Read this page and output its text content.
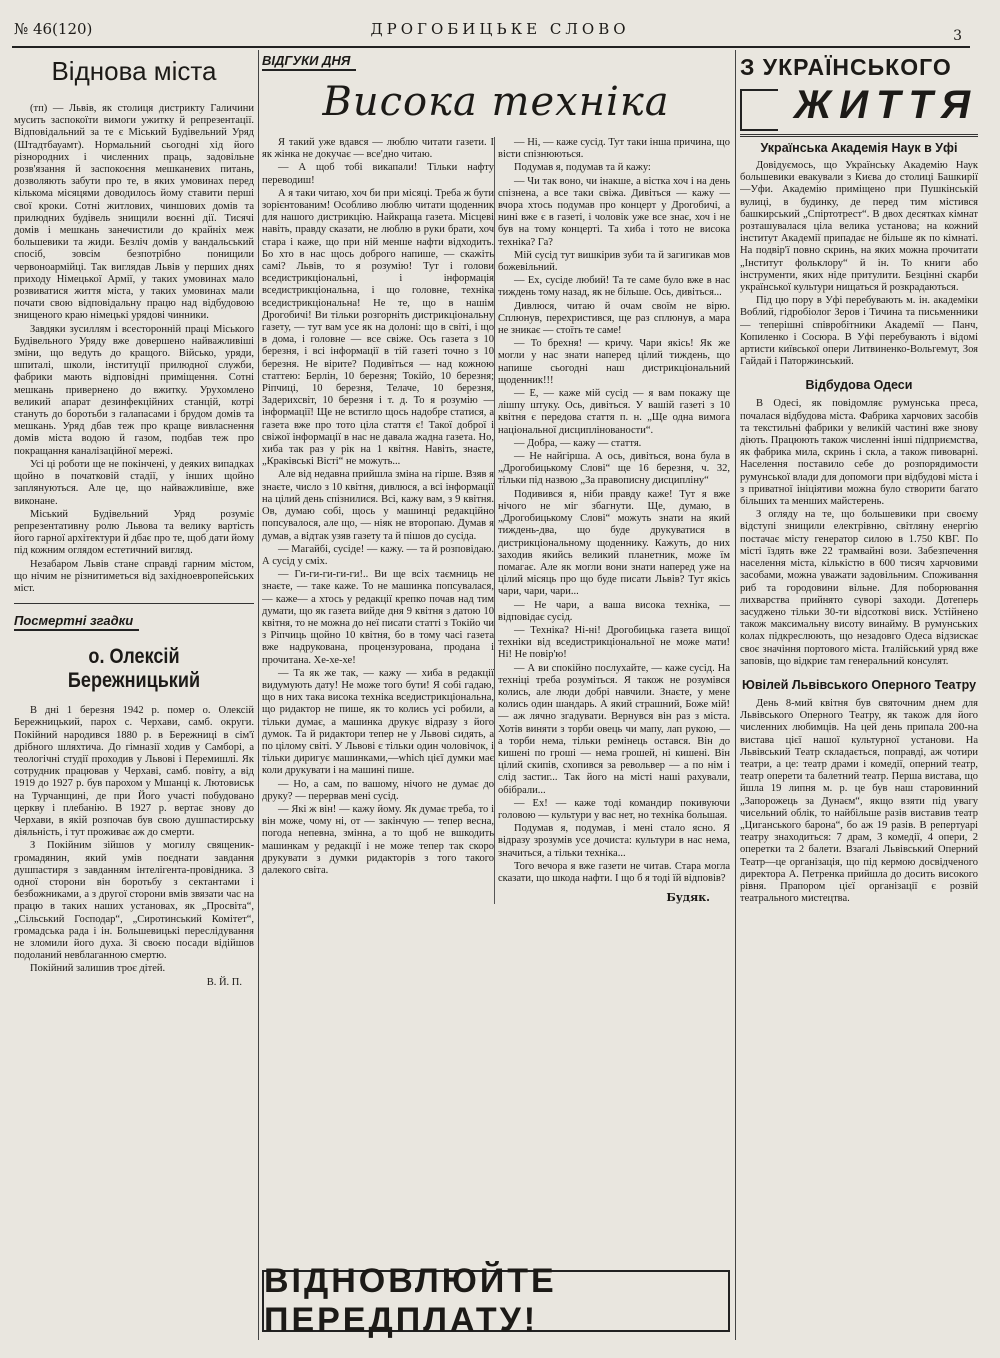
№ 46(120)	ДРОГОБИЦЬКЕ СЛОВО	3
Віднова міста

(тп) — Львів, як столиця дистрикту Галичини мусить заспокоїти вимоги ужитку й репрезентації. Відповідальний за те є Міський Будівельний Уряд (Штадтбауамт). Нормальний сьогодні хід його різнородних і численних праць, задовільне розв'язання й заспокоєння мешканевих питань, дозволяють забути про те, в яких умовинах перед кількома місяцями доводилось йому ставити перші свої кроки. Сотні житлових, чиншових домів та прилюдних будівель знищили воєнні дії. Тисячі домів і мешкань занечистили до крайніх меж большевики та жиди. Безліч домів у вандальський спосіб, зовсім безпотрібно понищили червоноармійці. Так виглядав Львів у перших днях приходу Німецької Армії, у таких умовинах мало розвиватися життя міста, у таких умовинах мали почати свою відповідальну працю над відбудовою знищеного краю німецькі урядові чинники.

Завдяки зусиллям і всесторонній праці Міського Будівельного Уряду вже довершено найважливіші зміни, що ведуть до кращого. Військо, уряди, шпиталі, школи, інституції прилюдної служби, фабрики мають відповідні приміщення. Сотні мешкань привернено до вжитку. Урухомлено великий апарат дезинфекційних станцій, котрі стануть до боротьби з галапасами і брудом домів та мешкань. Уряд дбав теж про краще вивласнення домів міста водою й газом, подбав теж про покращання каналізаційної мережі.

Усі ці роботи ще не покінчені, у деяких випадках щойно в початковій стадії, у інших щойно заплянуються. Але це, що найважливіше, вже виконане.

Міський Будівельний Уряд розуміє репрезентативну ролю Львова та велику вартість його гарної архітектури й дбає про те, щоб дати йому під кожним оглядом естетичний вигляд.

Незабаром Львів стане справді гарним містом, що нічим не різнитиметься від західноевропейських міст.

Посмертні згадки
о. Олексій Бережницький

В дні 1 березня 1942 р. помер о. Олексій Бережницький, парох с. Черхави, самб. округи. Покійний народився 1880 р. в Бережниці в сім'ї дрібного шляхтича. До гімназії ходив у Самборі, а теологічні студії проходив у Львові і Перемишлі. Як сотрудник працював у Черхаві, самб. повіту, а від 1919 до 1927 р. був парохом у Мшанці к. Лютовиськ на Турчанщині, де при Його участі побудовано церкву і плебанію. В 1927 р. вертає знову до Черхави, в якій розпочав був свою душпастирську діяльність, і тут проживає аж до смерти.

З Покійним зійшов у могилу священик-громадянин, який умів поєднати завдання душпастиря з завданням інтелігента-провідника. З одної сторони він боротьбу з сектантами і безбожниками, а з другої сторони вмів звязати час на працю в таких наших установах, як „Просвіта“, „Сільський Господар“, „Сиротинський Комітет“, громадська рада і ін. Большевицькі переслідування не зломили його духа. Зі своєю посади відійшов подоланий невблаганною смертю.

Покійний залишив троє дітей.

В. Й. П.
ВІДГУКИ ДНЯ
Висока техніка

Я такий уже вдався — люблю читати газети. І як жінка не докучає — все'дно читаю.

— А щоб тобі викапали! Тільки нафту переводиш!

А я таки читаю, хоч би при місяці. Треба ж бути зорієнтованим! Особливо люблю читати щоденник для нашого дистрикцію. Найкраща газета. Місцеві навіть, правду сказати, не люблю в руки брати, хоч стара і каже, що при ній менше нафти відходить. Бо хто в нас щось доброго напише, — скажіть самі? Львів, то я розумію! Тут і голови вседистрикціональні, і інформація вседистрикціональна, і що головне, техніка вседистрикціональна! Не те, що в нашім Дрогобичі! Ви тільки розгорніть дистрикціональну газету, — тут вам усе як на долоні: що в світі, і що в дома, і головне — все свіже. Ось газета з 10 березня, і всі інформації в тій газеті точно з 10 березня. Не вірите? Подивіться — над кожною статтею: Берлін, 10 березня; Токійо, 10 березня; Ріпчиці, 10 березня, Телаче, 10 березня, Задерихсвіт, 10 березня і т. д. То я розумію — інформації! Ще не встигло щось надобре статися, а газета вже про тото ціла стаття є! Такої доброї і свіжої інформації в нас не давала жадна газета. Но, хиба так раз у рік на 1 квітня. Навіть, знаєте, „Краківські Вісті“ не можуть...

Але від недавна прийшла зміна на гірше. Взяв я знаєте, число з 10 квітня, дивлюся, а всі інформації на цілий день спізнилися. Всі, кажу вам, з 9 квітня. Ов, думаю собі, щось у машинці редакційно попсувалося, але що, — ніяк не второпаю. Думав я думав, а відтак узяв газету та й пішов до сусіда.

— Магайбі, сусіде! — кажу. — та й розповідаю. А сусід у сміх.

— Ги-ги-ги-ги-ги!.. Ви ще всіх таємниць не знаєте, — таке каже. То не машинка попсувалася, — каже— а хтось у редакції крепко почав над тим думати, що як газета вийде дня 9 квітня з датою 10 квітня, то не можна до неї писати статті з Токійо чи з Ріпчиць щойно 10 квітня, бо в тому часі газета вже надрукована, процензурована, продана і прочитана. Хе-хе-хе!

— Та як же так, — кажу — хиба в редакції видумують дату! Не може того бути! Я собі гадаю, що в них така висока техніка вседистрикціональна, що ридактор не пише, як то колись усі робили, а тільки думає, а машинка друкує відразу з його думок. Та й ридактори тепер не у Львові сидять, а по цілому світі. У Львові є тільки один чоловічок, і тільки диригує машинками,—which цієї думки має коли друкувати і на машині пише.

— Но, а сам, по вашому, нічого не думає до друку? — перервав мені сусід.

— Які ж він! — кажу йому. Як думає треба, то і він може, чому ні, от — закінчую — тепер весна, погода непевна, змінна, а то щоб не вшкодить машинкам у редакції і не може тепер так скоро друкувати з думки ридакторів з того такого далекого світа.

— Ні, — каже сусід. Тут таки інша причина, що вісти спізнюються.

Подумав я, подумав та й кажу:

— Чи так воно, чи інакше, а вістка хоч і на день спізнена, а все таки свіжа. Дивіться — кажу — вчора хтось подумав про концерт у Дрогобичі, а нині вже є в газеті, і чоловік уже все знає, хоч і не був на тому концерті. Та хиба і тото не висока техніка? Га?

Мій сусід тут вишкірив зуби та й загигикав мов божевільний.

— Ех, сусіде любий! Та те саме було вже в нас тиждень тому назад, як не більше. Ось, дивіться...

Дивлюся, читаю й очам своїм не вірю. Сплюнув, перехристився, ще раз сплюнув, а мара не зникає — стоїть те саме!

— То брехня! — кричу. Чари якісь! Як же могли у нас знати наперед цілий тиждень, що напише сьогодні наш дистрикціональний щоденник!!!

— Е, — каже мій сусід — я вам покажу ще лішпу штуку. Ось, дивіться. У вашій газеті з 10 квітня є передова стаття п. н. „Ще одна вимога національної дисциплінованости“.

— Добра, — кажу — стаття.

— Не найгірша. А ось, дивіться, вона була в „Дрогобицькому Слові“ ще 16 березня, ч. 32, тільки під назвою „За правописну дисципліну“

Подивився я, ніби правду каже! Тут я вже нічого не міг збагнути. Ще, думаю, в „Дрогобицькому Слові“ можуть знати на який тиждень-два, що буде друкуватися в дистрикціональному щоденнику. Кажуть, до них заходив якийсь великий планетник, може їм помагає. Але як могли вони знати наперед уже на цілий місяць про що буде писати Львів? Тут якісь чари, чари, чари...

— Не чари, а ваша висока техніка, — відповідає сусід.

— Техніка? Ні-ні! Дрогобицька газета вищої техніки від вседистрикціональної не може мати! Ні! Не повір'ю!

— А ви спокійно послухайте, — каже сусід. На техніці треба розуміться. Я також не розумівся колись, але люди добрі навчили. Знаєте, у мене колись один шандарь. А який страшний, Боже мій! — аж лячно згадувати. Вернувся він раз з міста. Хотів виняти з торби овець чи мапу, лап рукою, — а торби нема, тільки ремінець остався. Він до кишені по гроші — нема грошей, ні кишені. Він цілий скипів, схопився за револьвер — а по нім і слід застиг... Так його на місті наші рахували, обібрали...

— Ех! — каже тоді командир покивуючи головою — культури у вас нет, но техніка большая.

Подумав я, подумав, і мені стало ясно. Я відразу зрозумів усе дочиста: культури в нас нема, значиться, а тільки техніка...

Того вечора я вже газети не читав. Стара могла сказати, що шкода нафти. І що б я тоді їй відповів?

Будяк.
ВІДНОВЛЮЙТЕ ПЕРЕДПЛАТУ!
З УКРАЇНСЬКОГО
ЖИТТЯ
Українська Академія Наук в Уфі

Довідуємось, що Українську Академію Наук большевики евакували з Києва до столиці Башкирії—Уфи. Академію приміщено при Пушкінській вулиці, в будинку, де перед тим містився башкирський „Спіртотрест“. В двох десятках кімнат розташувалася ціла велика установа; на кожний інститут Академії припадає не більше як по кімнаті. На подвір'ї повно скринь, на яких можна прочитати „Інститут фольклору“ й ін. То книги або інструменти, яких ніде притулити. Безцінні скарби української культури нищаться й розкрадаються.

Під цю пору в Уфі перебувають м. ін. академіки Воблий, гідробіолог Зеров і Тичина та письменники — теперішні співробітники Академії — Панч, Копиленко і Сосюра. В Уфі перебувають і відомі артисти київської опери Литвиненко-Вольгемут, Зоя Гайдай і Паторжинський.

Відбудова Одеси

В Одесі, як повідомляє румунська преса, почалася відбудова міста. Фабрика харчових засобів та текстильні фабрики у великій частині вже знову діють. Працюють також численні інші підприємства, як фабрика мила, скринь і скла, а також пивоварні. Населення поставило себе до розпорядимости румунської влади для допомоги при відбудові міста і з приватної ініціятиви можна було створити багато більших та менших майстерень.

З огляду на те, що большевики при своєму відступі знищили електрівню, світляну енергію постачає місту генератор силою в 1.750 КВГ. По місті їздять вже 22 трамвайні вози. Забезпечення населення міста, кількістю в 600 тисяч харчовими засобами, можна уважати задовільним. Споживання риб та городовини вільне. Для поборювання лихварства прийнято суворі заходи. Дотеперь засуджено тільки 30-ти відсоткові виск. Устійнено також максимальну висоту винайму. В румунських колах підкреслюють, що незадовго Одеса відзискає своє значіння портового міста. Італійський уряд вже заповів, що відкриє там генеральний консулят.

Ювілей Львівського Оперного Театру

День 8-мий квітня був святочним днем для Львівського Оперного Театру, як також для його численних любимців. На цей день припала 200-на вистава цієї нашої культурної установи. На Львівський Театр складається, поправді, аж чотири театри, а це: театр драми і комедії, оперний театр, театр оперети та балетний театр. Перша вистава, що йшла 19 липня м. р. це був наш старовинний „Запорожець за Дунаєм“, якщо взяти під увагу чисельний облік, то найбільше разів виставив театр „Циганського барона“, бо аж 19 разів. В репертуарі театру знаходиться: 7 драм, 3 комедії, 4 опери, 2 оперетки та 2 балети. Взагалі Львівський Оперний Театр—це організація, що під кермою досвідченого директора А. Петренка прийшла до досить високого рівня. Прапором цієї організації є розвій театрального мистецтва.
